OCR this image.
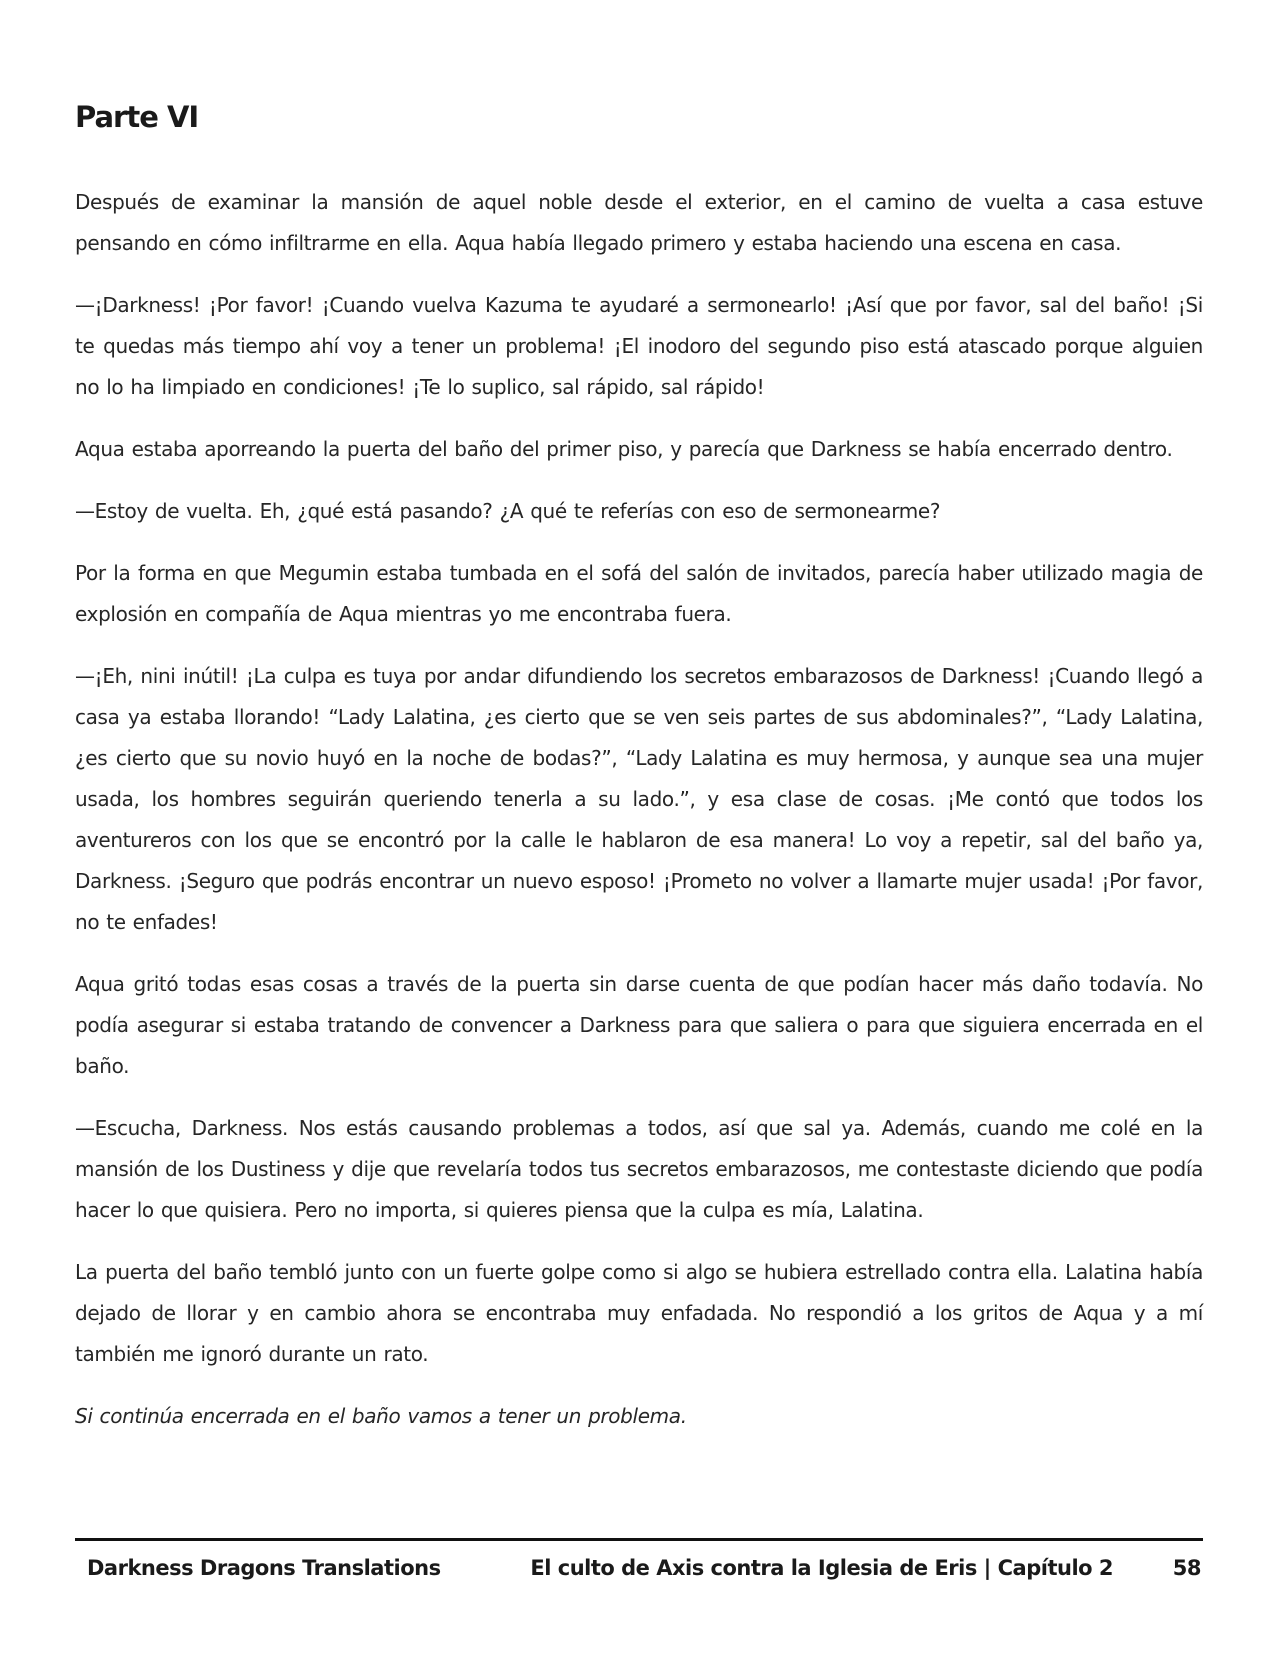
Parte VI

Después de examinar la mansión de aquel noble desde el exterior, en el camino de vuelta a casa estuve pensando en cómo infiltrarme en ella. Aqua había llegado primero y estaba haciendo una escena en casa.

—¡Darkness! ¡Por favor! ¡Cuando vuelva Kazuma te ayudaré a sermonearlo! ¡Así que por favor, sal del baño! ¡Si te quedas más tiempo ahí voy a tener un problema! ¡El inodoro del segundo piso está atascado porque alguien no lo ha limpiado en condiciones! ¡Te lo suplico, sal rápido, sal rápido!

Aqua estaba aporreando la puerta del baño del primer piso, y parecía que Darkness se había encerrado dentro.

—Estoy de vuelta. Eh, ¿qué está pasando? ¿A qué te referías con eso de sermonearme?

Por la forma en que Megumin estaba tumbada en el sofá del salón de invitados, parecía haber utilizado magia de explosión en compañía de Aqua mientras yo me encontraba fuera.

—¡Eh, nini inútil! ¡La culpa es tuya por andar difundiendo los secretos embarazosos de Darkness! ¡Cuando llegó a casa ya estaba llorando! “Lady Lalatina, ¿es cierto que se ven seis partes de sus abdominales?”, “Lady Lalatina, ¿es cierto que su novio huyó en la noche de bodas?”, “Lady Lalatina es muy hermosa, y aunque sea una mujer usada, los hombres seguirán queriendo tenerla a su lado.”, y esa clase de cosas. ¡Me contó que todos los aventureros con los que se encontró por la calle le hablaron de esa manera! Lo voy a repetir, sal del baño ya, Darkness. ¡Seguro que podrás encontrar un nuevo esposo! ¡Prometo no volver a llamarte mujer usada! ¡Por favor, no te enfades!

Aqua gritó todas esas cosas a través de la puerta sin darse cuenta de que podían hacer más daño todavía. No podía asegurar si estaba tratando de convencer a Darkness para que saliera o para que siguiera encerrada en el baño.

—Escucha, Darkness. Nos estás causando problemas a todos, así que sal ya. Además, cuando me colé en la mansión de los Dustiness y dije que revelaría todos tus secretos embarazosos, me contestaste diciendo que podía hacer lo que quisiera. Pero no importa, si quieres piensa que la culpa es mía, Lalatina.

La puerta del baño tembló junto con un fuerte golpe como si algo se hubiera estrellado contra ella. Lalatina había dejado de llorar y en cambio ahora se encontraba muy enfadada. No respondió a los gritos de Aqua y a mí también me ignoró durante un rato.

Si continúa encerrada en el baño vamos a tener un problema.

Darkness Dragons Translations	El culto de Axis contra la Iglesia de Eris | Capítulo 2	58
